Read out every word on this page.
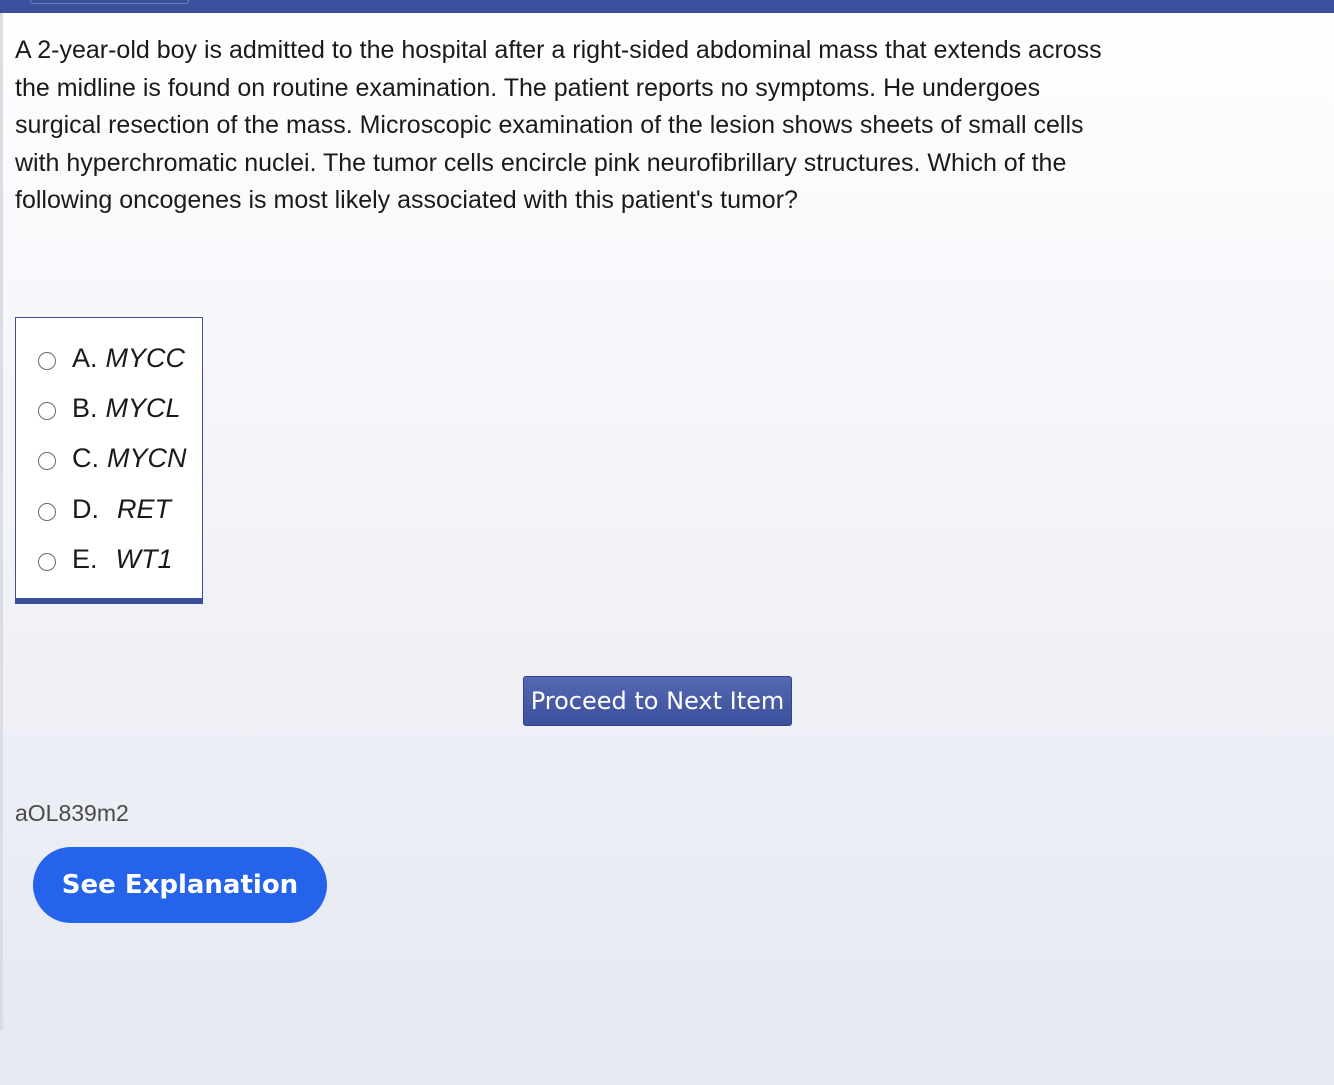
A 2-year-old boy is admitted to the hospital after a right-sided abdominal mass that extends across the midline is found on routine examination. The patient reports no symptoms. He undergoes surgical resection of the mass. Microscopic examination of the lesion shows sheets of small cells with hyperchromatic nuclei. The tumor cells encircle pink neurofibrillary structures. Which of the following oncogenes is most likely associated with this patient's tumor?

A. MYCC
B. MYCL
C. MYCN
D. RET
E. WT1
Proceed to Next Item
aOL839m2
See Explanation
